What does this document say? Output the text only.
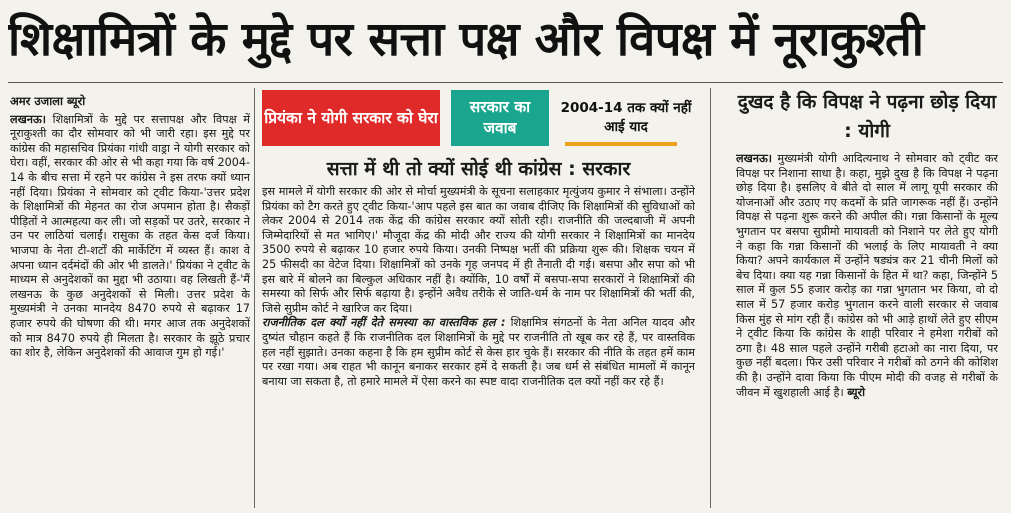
शिक्षामित्रों के मुद्दे पर सत्ता पक्ष और विपक्ष में नूराकुश्ती
अमर उजाला ब्यूरो

लखनऊ। शिक्षामित्रों के मुद्दे पर सत्तापक्ष और विपक्ष में नूराकुश्ती का दौर सोमवार को भी जारी रहा। इस मुद्दे पर कांग्रेस की महासचिव प्रियंका गांधी वाड्रा ने योगी सरकार को घेरा। वहीं, सरकार की ओर से भी कहा गया कि वर्ष 2004-14 के बीच सत्ता में रहने पर कांग्रेस ने इस तरफ क्यों ध्यान नहीं दिया। प्रियंका ने सोमवार को ट्वीट किया-'उत्तर प्रदेश के शिक्षामित्रों की मेहनत का रोज अपमान होता है। सैकड़ों पीड़ितों ने आत्महत्या कर ली। जो सड़कों पर उतरे, सरकार ने उन पर लाठियां चलाईं। रासुका के तहत केस दर्ज किया। भाजपा के नेता टी-शर्टों की मार्केटिंग में व्यस्त हैं। काश वे अपना ध्यान दर्दमंदों की ओर भी डालते।' प्रियंका ने ट्वीट के माध्यम से अनुदेशकों का मुद्दा भी उठाया। वह लिखती हैं-'मैं लखनऊ के कुछ अनुदेशकों से मिली। उत्तर प्रदेश के मुख्यमंत्री ने उनका मानदेय 8470 रुपये से बढ़ाकर 17 हजार रुपये की घोषणा की थी। मगर आज तक अनुदेशकों को मात्र 8470 रुपये ही मिलता है। सरकार के झूठे प्रचार का शोर है, लेकिन अनुदेशकों की आवाज गुम हो गई।'

प्रियंका ने योगी सरकार को घेरा
सरकार का जवाब
2004-14 तक क्यों नहीं आई याद
सत्ता में थी तो क्यों सोई थी कांग्रेस : सरकार

इस मामले में योगी सरकार की ओर से मोर्चा मुख्यमंत्री के सूचना सलाहकार मृत्युंजय कुमार ने संभाला। उन्होंने प्रियंका को टैग करते हुए ट्वीट किया-'आप पहले इस बात का जवाब दीजिए कि शिक्षामित्रों की सुविधाओं को लेकर 2004 से 2014 तक केंद्र की कांग्रेस सरकार क्यों सोती रही। राजनीति की जल्दबाजी में अपनी जिम्मेदारियों से मत भागिए।' मौजूदा केंद्र की मोदी और राज्य की योगी सरकार ने शिक्षामित्रों का मानदेय 3500 रुपये से बढ़ाकर 10 हजार रुपये किया। उनकी निष्पक्ष भर्ती की प्रक्रिया शुरू की। शिक्षक चयन में 25 फीसदी का वेटेज दिया। शिक्षामित्रों को उनके गृह जनपद में ही तैनाती दी गई। बसपा और सपा को भी इस बारे में बोलने का बिल्कुल अधिकार नहीं है। क्योंकि, 10 वर्षों में बसपा-सपा सरकारों ने शिक्षामित्रों की समस्या को सिर्फ और सिर्फ बढ़ाया है। इन्होंने अवैध तरीके से जाति-धर्म के नाम पर शिक्षामित्रों की भर्ती की, जिसे सुप्रीम कोर्ट ने खारिज कर दिया।

राजनीतिक दल क्यों नहीं देते समस्या का वास्तविक हल : शिक्षामित्र संगठनों के नेता अनिल यादव और दुष्यंत चौहान कहते हैं कि राजनीतिक दल शिक्षामित्रों के मुद्दे पर राजनीति तो खूब कर रहे हैं, पर वास्तविक हल नहीं सुझाते। उनका कहना है कि हम सुप्रीम कोर्ट से केस हार चुके हैं। सरकार की नीति के तहत हमें काम पर रखा गया। अब राहत भी कानून बनाकर सरकार हमें दे सकती है। जब धर्म से संबंधित मामलों में कानून बनाया जा सकता है, तो हमारे मामले में ऐसा करने का स्पष्ट वादा राजनीतिक दल क्यों नहीं कर रहे हैं।

दुखद है कि विपक्ष ने पढ़ना छोड़ दिया : योगी

लखनऊ। मुख्यमंत्री योगी आदित्यनाथ ने सोमवार को ट्वीट कर विपक्ष पर निशाना साधा है। कहा, मुझे दुख है कि विपक्ष ने पढ़ना छोड़ दिया है। इसलिए वे बीते दो साल में लागू यूपी सरकार की योजनाओं और उठाए गए कदमों के प्रति जागरूक नहीं हैं। उन्होंने विपक्ष से पढ़ना शुरू करने की अपील की। गन्ना किसानों के मूल्य भुगतान पर बसपा सुप्रीमो मायावती को निशाने पर लेते हुए योगी ने कहा कि गन्ना किसानों की भलाई के लिए मायावती ने क्या किया? अपने कार्यकाल में उन्होंने षड्यंत्र कर 21 चीनी मिलों को बेच दिया। क्या यह गन्ना किसानों के हित में था? कहा, जिन्होंने 5 साल में कुल 55 हजार करोड़ का गन्ना भुगतान भर किया, वो दो साल में 57 हजार करोड़ भुगतान करने वाली सरकार से जवाब किस मुंह से मांग रही हैं। कांग्रेस को भी आड़े हाथों लेते हुए सीएम ने ट्वीट किया कि कांग्रेस के शाही परिवार ने हमेशा गरीबों को ठगा है। 48 साल पहले उन्होंने गरीबी हटाओ का नारा दिया, पर कुछ नहीं बदला। फिर उसी परिवार ने गरीबों को ठगने की कोशिश की है। उन्होंने दावा किया कि पीएम मोदी की वजह से गरीबों के जीवन में खुशहाली आई है। ब्यूरो
